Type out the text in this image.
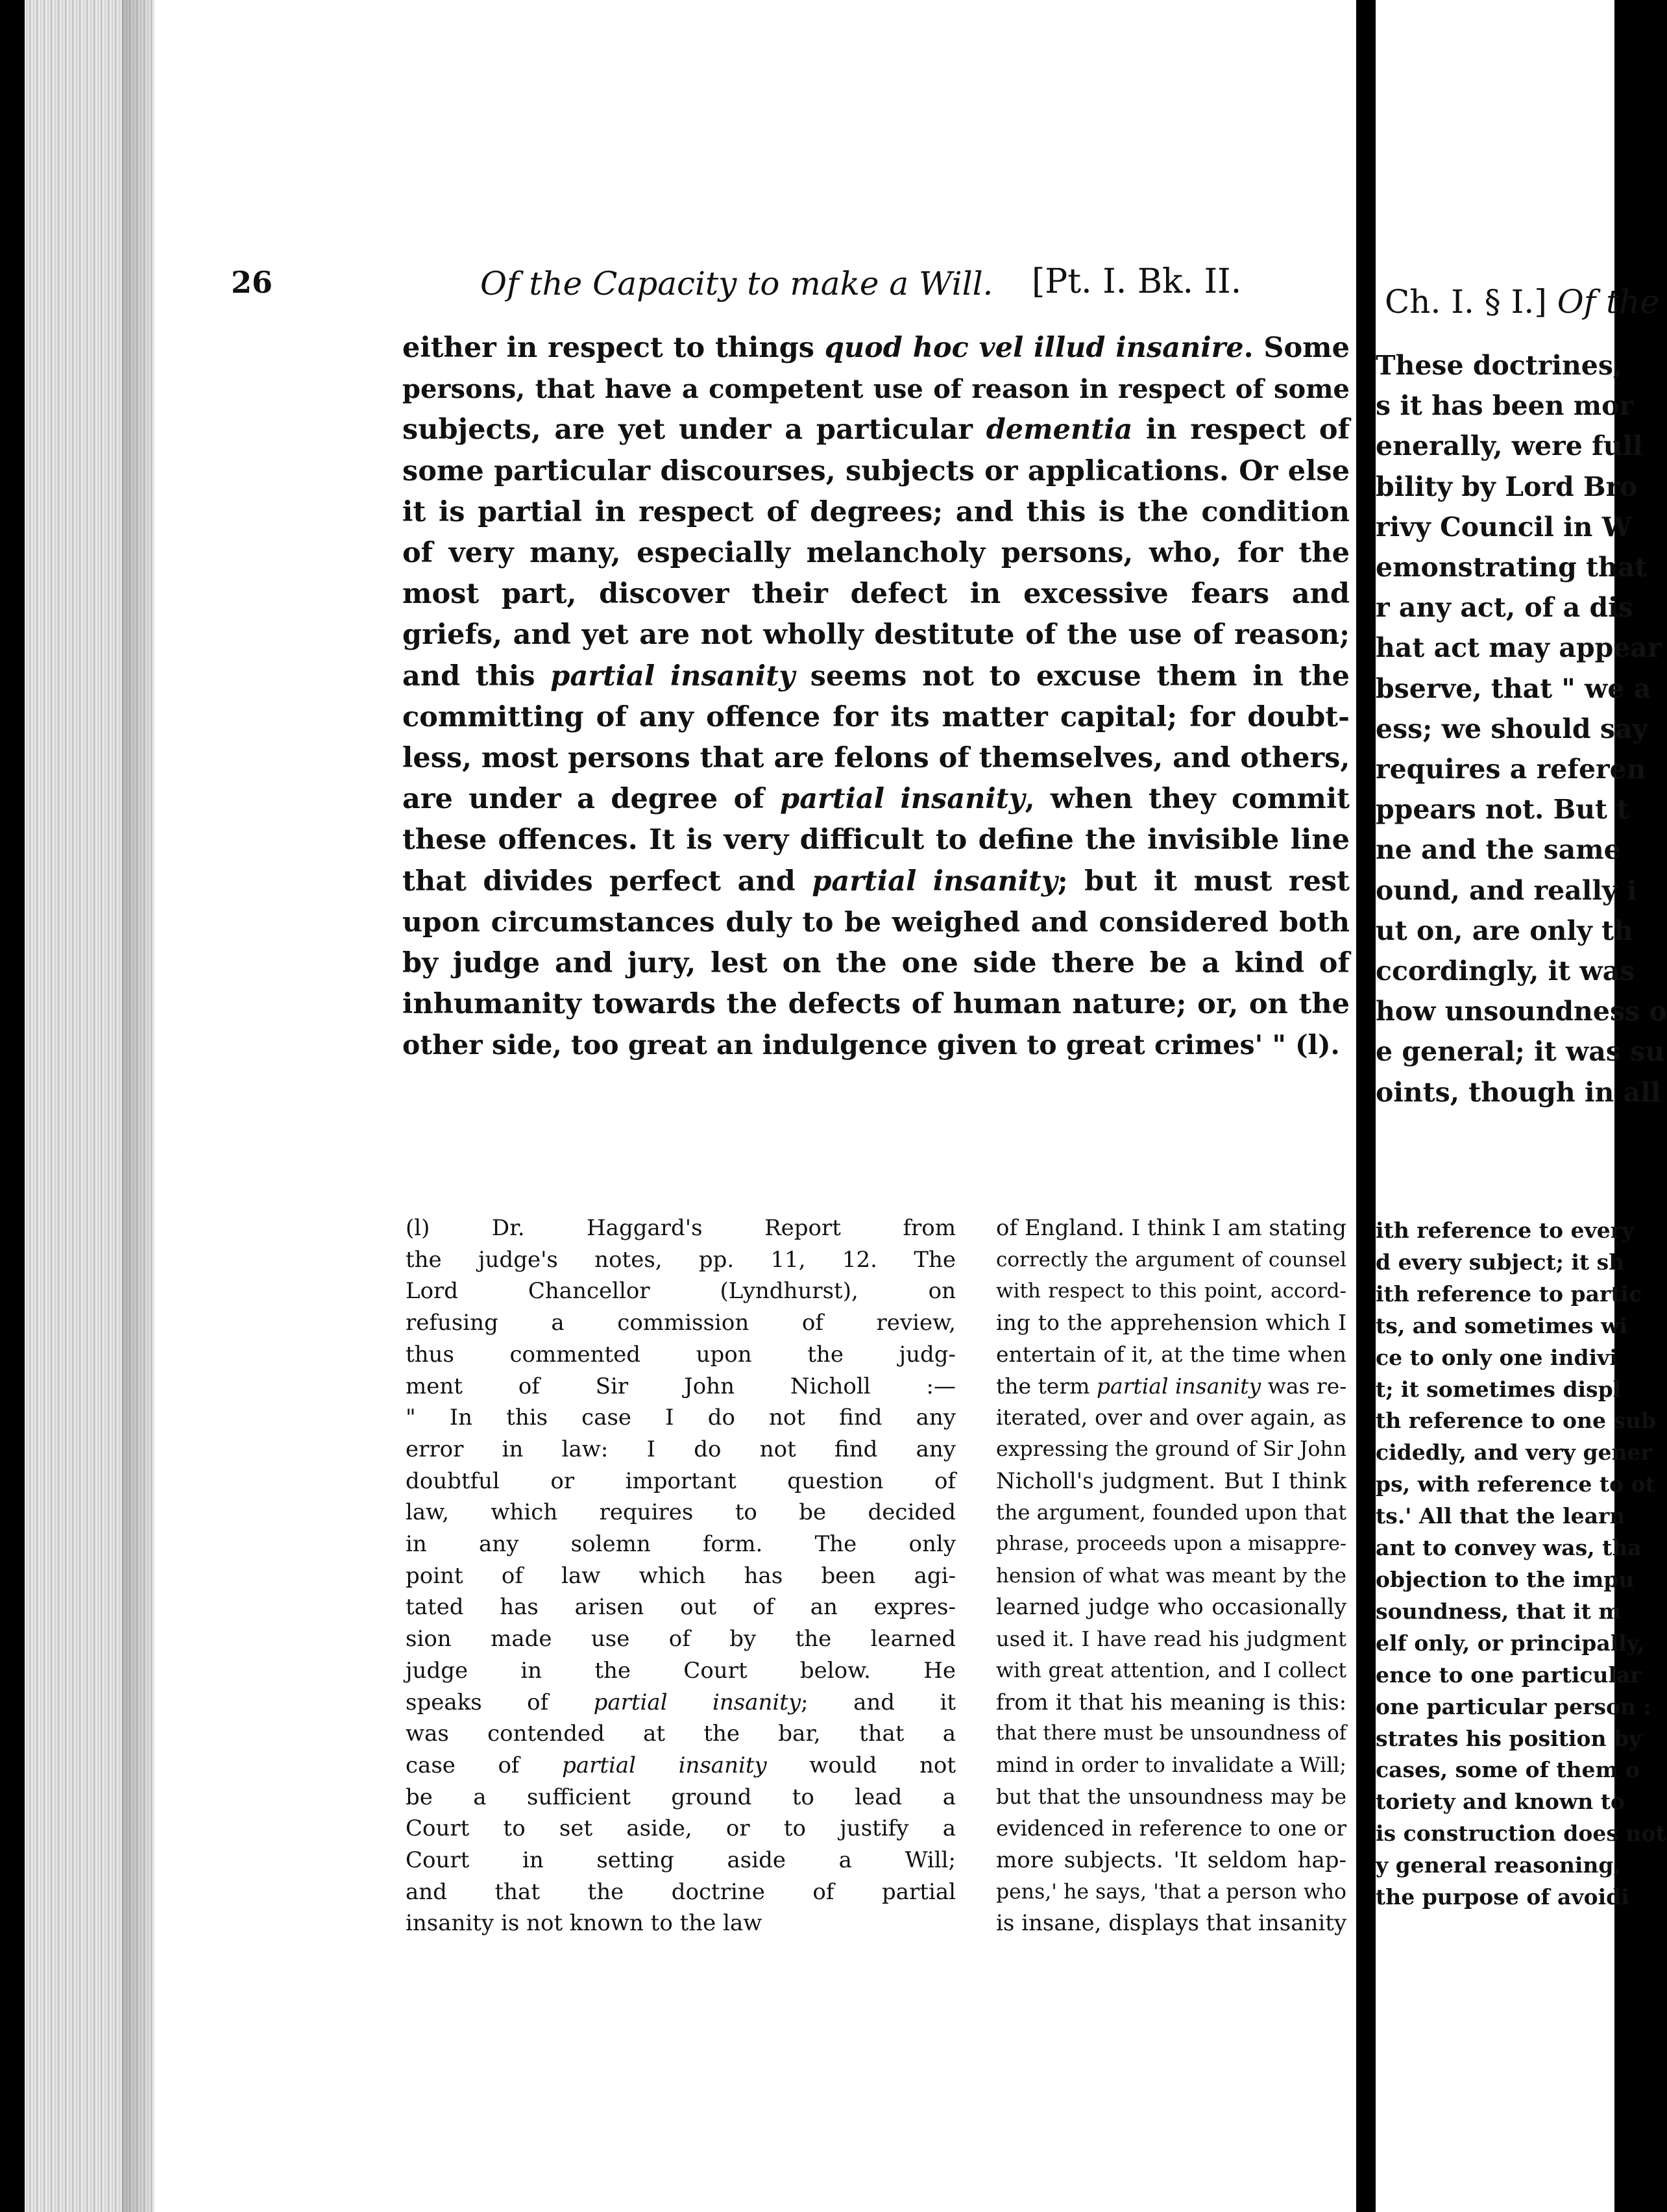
26	Of the Capacity to make a Will. [Pt. I. Bk. II.
either in respect to things quod hoc vel illud insanire. Some
persons, that have a competent use of reason in respect of some
subjects, are yet under a particular dementia in respect of
some particular discourses, subjects or applications. Or else
it is partial in respect of degrees; and this is the condition
of very many, especially melancholy persons, who, for the
most part, discover their defect in excessive fears and
griefs, and yet are not wholly destitute of the use of reason;
and this partial insanity seems not to excuse them in the
committing of any offence for its matter capital; for doubt-
less, most persons that are felons of themselves, and others,
are under a degree of partial insanity, when they commit
these offences. It is very difficult to define the invisible line
that divides perfect and partial insanity; but it must rest
upon circumstances duly to be weighed and considered both
by judge and jury, lest on the one side there be a kind of
inhumanity towards the defects of human nature; or, on the
other side, too great an indulgence given to great crimes' " (l).
(l) Dr. Haggard's Report from
the judge's notes, pp. 11, 12. The
Lord Chancellor (Lyndhurst), on
refusing a commission of review,
thus commented upon the judg-
ment of Sir John Nicholl :—
" In this case I do not find any
error in law: I do not find any
doubtful or important question of
law, which requires to be decided
in any solemn form. The only
point of law which has been agi-
tated has arisen out of an expres-
sion made use of by the learned
judge in the Court below. He
speaks of partial insanity; and it
was contended at the bar, that a
case of partial insanity would not
be a sufficient ground to lead a
Court to set aside, or to justify a
Court in setting aside a Will;
and that the doctrine of partial
insanity is not known to the law
of England. I think I am stating
correctly the argument of counsel
with respect to this point, accord-
ing to the apprehension which I
entertain of it, at the time when
the term partial insanity was re-
iterated, over and over again, as
expressing the ground of Sir John
Nicholl's judgment. But I think
the argument, founded upon that
phrase, proceeds upon a misappre-
hension of what was meant by the
learned judge who occasionally
used it. I have read his judgment
with great attention, and I collect
from it that his meaning is this:
that there must be unsoundness of
mind in order to invalidate a Will;
but that the unsoundness may be
evidenced in reference to one or
more subjects. 'It seldom hap-
pens,' he says, 'that a person who
is insane, displays that insanity
Ch. I. § I.] Of the
These doctrines,
s it has been mor
enerally, were full
bility by Lord Bro
rivy Council in W
emonstrating that
r any act, of a dis
hat act may appear
bserve, that " we a
ess; we should say
requires a referen
ppears not. But t
ne and the same
ound, and really i
ut on, are only th
ccordingly, it was
how unsoundness o
e general; it was su
oints, though in all
ith reference to every
d every subject; it sh
ith reference to partic
ts, and sometimes wi
ce to only one indivi
t; it sometimes displ
th reference to one sub
cidedly, and very gener
ps, with reference to ot
ts.' All that the learn
ant to convey was, tha
objection to the impu
soundness, that it m
elf only, or principally,
ence to one particular
one particular person :
strates his position by
cases, some of them o
toriety and known to
is construction does not
y general reasoning,
the purpose of avoidi
